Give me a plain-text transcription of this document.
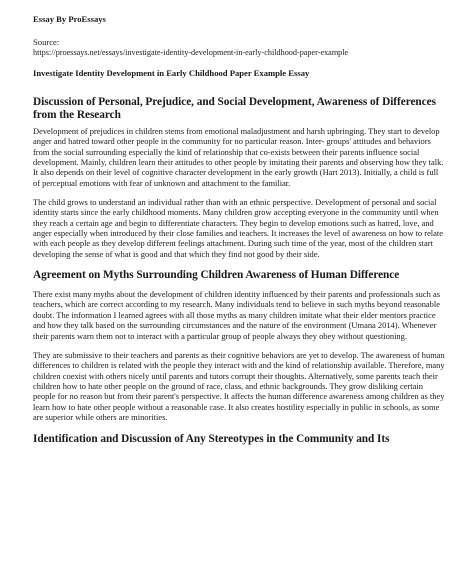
Essay By ProEssays
Source:
https://proessays.net/essays/investigate-identity-development-in-early-childhood-paper-example
Investigate Identity Development in Early Childhood Paper Example Essay
Discussion of Personal, Prejudice, and Social Development, Awareness of Differences from the Research

Development of prejudices in children stems from emotional maladjustment and harsh upbringing. They start to develop anger and hatred toward other people in the community for no particular reason. Inter- groups' attitudes and behaviors from the social surrounding especially the kind of relationship that co-exists between their parents influence social development. Mainly, children learn their attitudes to other people by imitating their parents and observing how they talk. It also depends on their level of cognitive character development in the early growth (Hart 2013). Initially, a child is full of perceptual emotions with fear of unknown and attachment to the familiar.

The child grows to understand an individual rather than with an ethnic perspective. Development of personal and social identity starts since the early childhood moments. Many children grow accepting everyone in the community until when they reach a certain age and begin to differentiate characters. They begin to develop emotions such as hatred, love, and anger especially when introduced by their close families and teachers. It increases the level of awareness on how to relate with each people as they develop different feelings attachment. During such time of the year, most of the children start developing the sense of what is good and that which they find not good by their side.

Agreement on Myths Surrounding Children Awareness of Human Difference

There exist many myths about the development of children identity influenced by their parents and professionals such as teachers, which are correct according to my research. Many individuals tend to believe in such myths beyond reasonable doubt. The information I learned agrees with all those myths as many children imitate what their elder mentors practice and how they talk based on the surrounding circumstances and the nature of the environment (Umana 2014). Whenever their parents warn them not to interact with a particular group of people always they obey without questioning.

They are submissive to their teachers and parents as their cognitive behaviors are yet to develop. The awareness of human differences to children is related with the people they interact with and the kind of relationship available. Therefore, many children coexist with others nicely until parents and tutors corrupt their thoughts. Alternatively, some parents teach their children how to hate other people on the ground of race, class, and ethnic backgrounds. They grow disliking certain people for no reason but from their parent's perspective. It affects the human difference awareness among children as they learn how to hate other people without a reasonable case. It also creates hostility especially in public in schools, as some are superior while others are minorities.

Identification and Discussion of Any Stereotypes in the Community and Its
